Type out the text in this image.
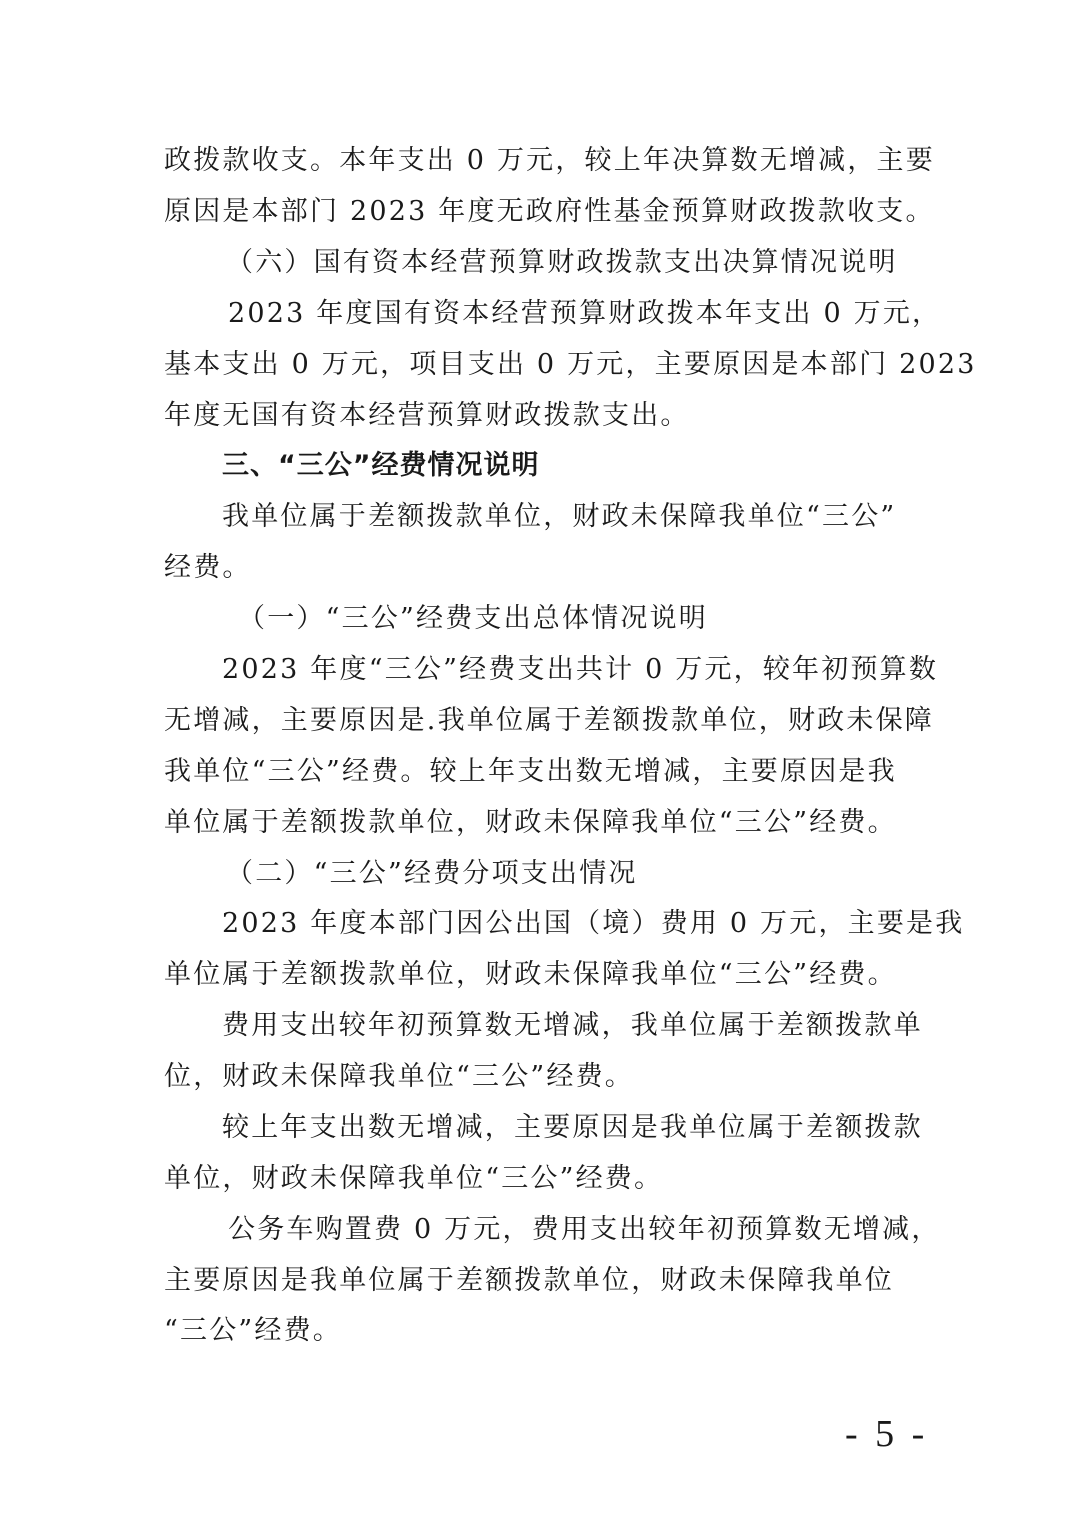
政拨款收支。本年支出 0 万元，较上年决算数无增减，主要
原因是本部门 2023 年度无政府性基金预算财政拨款收支。
（六）国有资本经营预算财政拨款支出决算情况说明
2023 年度国有资本经营预算财政拨本年支出 0 万元，
基本支出 0 万元，项目支出 0 万元，主要原因是本部门 2023
年度无国有资本经营预算财政拨款支出。
三、“三公”经费情况说明
我单位属于差额拨款单位，财政未保障我单位“三公”
经费。
（一）“三公”经费支出总体情况说明
2023 年度“三公”经费支出共计 0 万元，较年初预算数
无增减，主要原因是.我单位属于差额拨款单位，财政未保障
我单位“三公”经费。较上年支出数无增减，主要原因是我
单位属于差额拨款单位，财政未保障我单位“三公”经费。
（二）“三公”经费分项支出情况
2023 年度本部门因公出国（境）费用 0 万元，主要是我
单位属于差额拨款单位，财政未保障我单位“三公”经费。
费用支出较年初预算数无增减，我单位属于差额拨款单
位，财政未保障我单位“三公”经费。
较上年支出数无增减，主要原因是我单位属于差额拨款
单位，财政未保障我单位“三公”经费。
公务车购置费 0 万元，费用支出较年初预算数无增减，
主要原因是我单位属于差额拨款单位，财政未保障我单位
“三公”经费。
- 5 -
